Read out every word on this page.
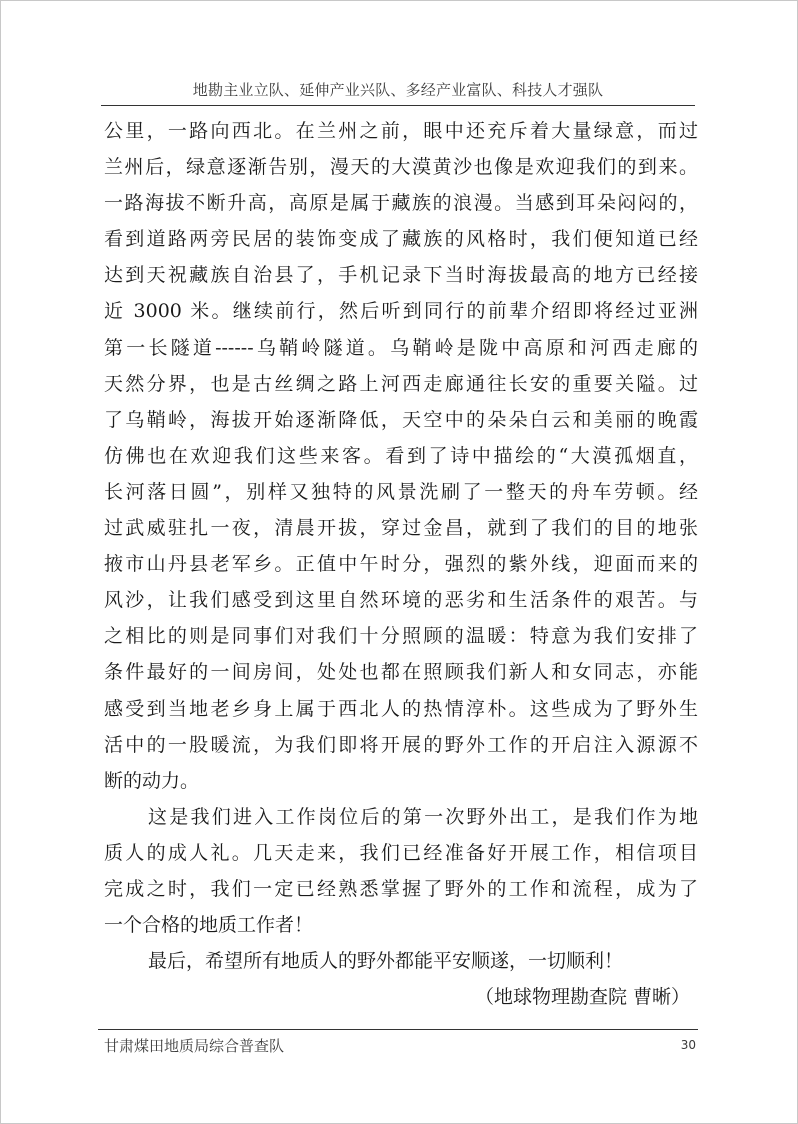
地勘主业立队、延伸产业兴队、多经产业富队、科技人才强队
公里，一路向西北。在兰州之前，眼中还充斥着大量绿意，而过
兰州后，绿意逐渐告别，漫天的大漠黄沙也像是欢迎我们的到来。
一路海拔不断升高，高原是属于藏族的浪漫。当感到耳朵闷闷的，
看到道路两旁民居的装饰变成了藏族的风格时，我们便知道已经
达到天祝藏族自治县了，手机记录下当时海拔最高的地方已经接
近 3000 米。继续前行，然后听到同行的前辈介绍即将经过亚洲
第一长隧道------乌鞘岭隧道。乌鞘岭是陇中高原和河西走廊的
天然分界，也是古丝绸之路上河西走廊通往长安的重要关隘。过
了乌鞘岭，海拔开始逐渐降低，天空中的朵朵白云和美丽的晚霞
仿佛也在欢迎我们这些来客。看到了诗中描绘的“大漠孤烟直，
长河落日圆”，别样又独特的风景洗刷了一整天的舟车劳顿。经
过武威驻扎一夜，清晨开拔，穿过金昌，就到了我们的目的地张
掖市山丹县老军乡。正值中午时分，强烈的紫外线，迎面而来的
风沙，让我们感受到这里自然环境的恶劣和生活条件的艰苦。与
之相比的则是同事们对我们十分照顾的温暖：特意为我们安排了
条件最好的一间房间，处处也都在照顾我们新人和女同志，亦能
感受到当地老乡身上属于西北人的热情淳朴。这些成为了野外生
活中的一股暖流，为我们即将开展的野外工作的开启注入源源不
断的动力。
这是我们进入工作岗位后的第一次野外出工，是我们作为地
质人的成人礼。几天走来，我们已经准备好开展工作，相信项目
完成之时，我们一定已经熟悉掌握了野外的工作和流程，成为了
一个合格的地质工作者！
最后，希望所有地质人的野外都能平安顺遂，一切顺利！
（地球物理勘查院 曹晰）
甘肃煤田地质局综合普查队	30
